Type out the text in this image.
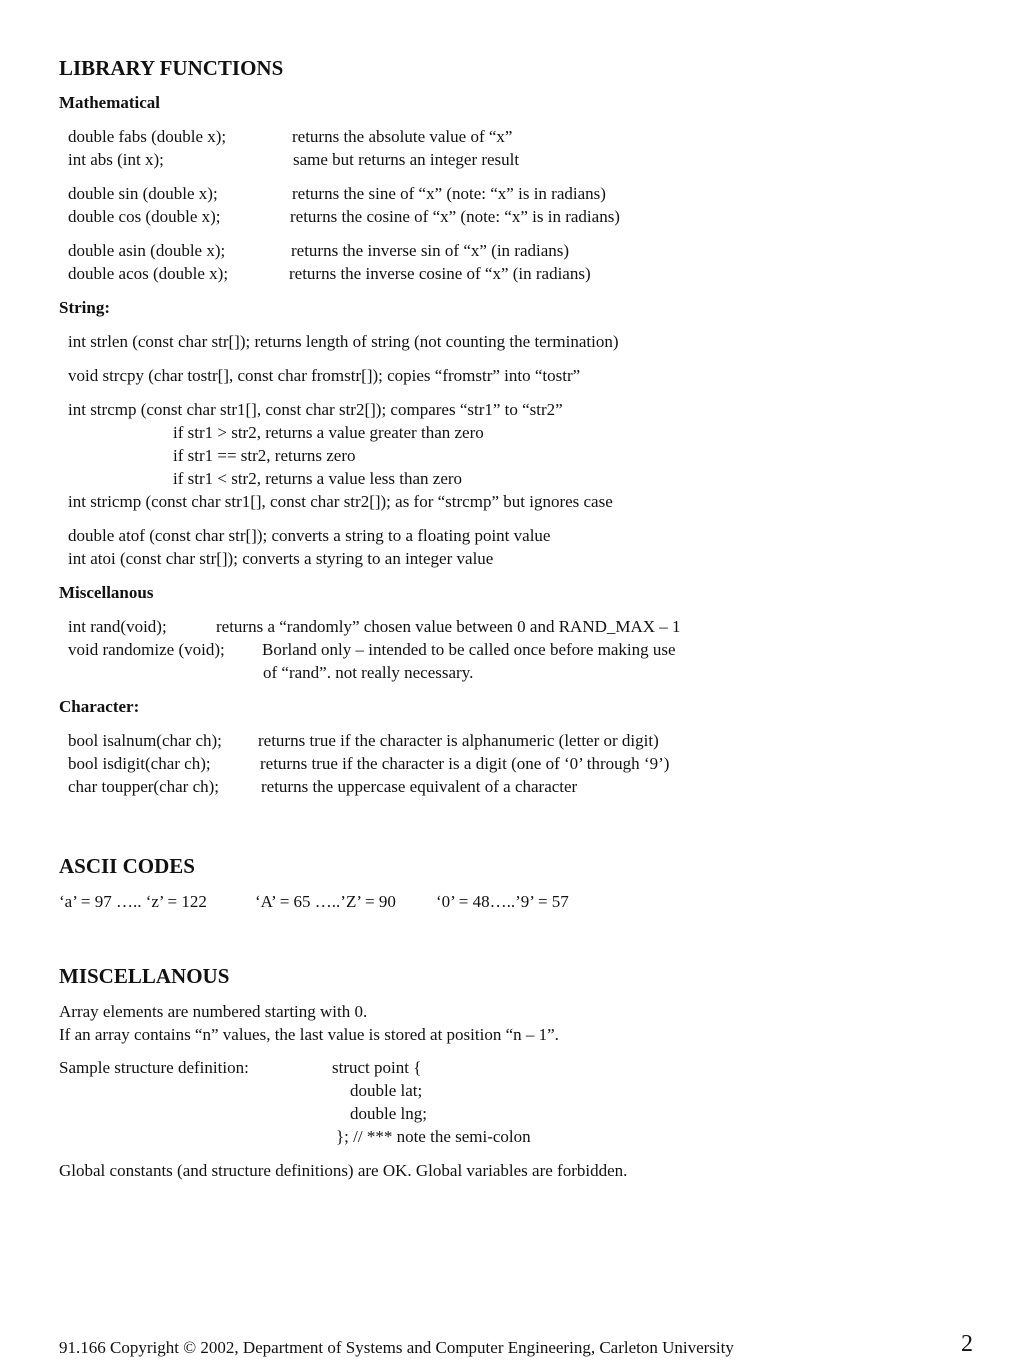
LIBRARY FUNCTIONS
Mathematical
double fabs (double x);	returns the absolute value of “x”
int abs (int x);	same but returns an integer result
double sin (double x);	returns the sine of “x” (note: “x” is in radians)
double cos (double x);	returns the cosine of “x” (note: “x” is in radians)
double asin (double x);	returns the inverse sin of “x” (in radians)
double acos (double x);	returns the inverse cosine of “x” (in radians)
String:
int strlen (const char str[]); returns length of string (not counting the termination)
void strcpy (char tostr[], const char fromstr[]); copies “fromstr” into “tostr”
int strcmp (const char str1[], const char str2[]); compares “str1” to “str2”
if str1 > str2, returns a value greater than zero
if str1 == str2, returns zero
if str1 < str2, returns a value less than zero
int stricmp (const char str1[], const char str2[]); as for “strcmp” but ignores case
double atof (const char str[]); converts a string to a floating point value
int atoi (const char str[]); converts a styring to an integer value
Miscellanous
int rand(void);	returns a “randomly” chosen value between 0 and RAND_MAX – 1
void randomize (void); Borland only – intended to be called once before making use
of “rand”. not really necessary.
Character:
bool isalnum(char ch); returns true if the character is alphanumeric (letter or digit)
bool isdigit(char ch);	returns true if the character is a digit (one of ‘0’ through ‘9’)
char toupper(char ch); returns the uppercase equivalent of a character
ASCII CODES
‘a’ = 97 ….. ‘z’ = 122	‘A’ = 65 …..’Z’ = 90 ‘0’ = 48…..’9’ = 57
MISCELLANOUS
Array elements are numbered starting with 0.
If an array contains “n” values, the last value is stored at position “n – 1”.
Sample structure definition:	struct point {
double lat;
double lng;
}; // *** note the semi-colon
Global constants (and structure definitions) are OK. Global variables are forbidden.
91.166 Copyright © 2002, Department of Systems and Computer Engineering, Carleton University	2
